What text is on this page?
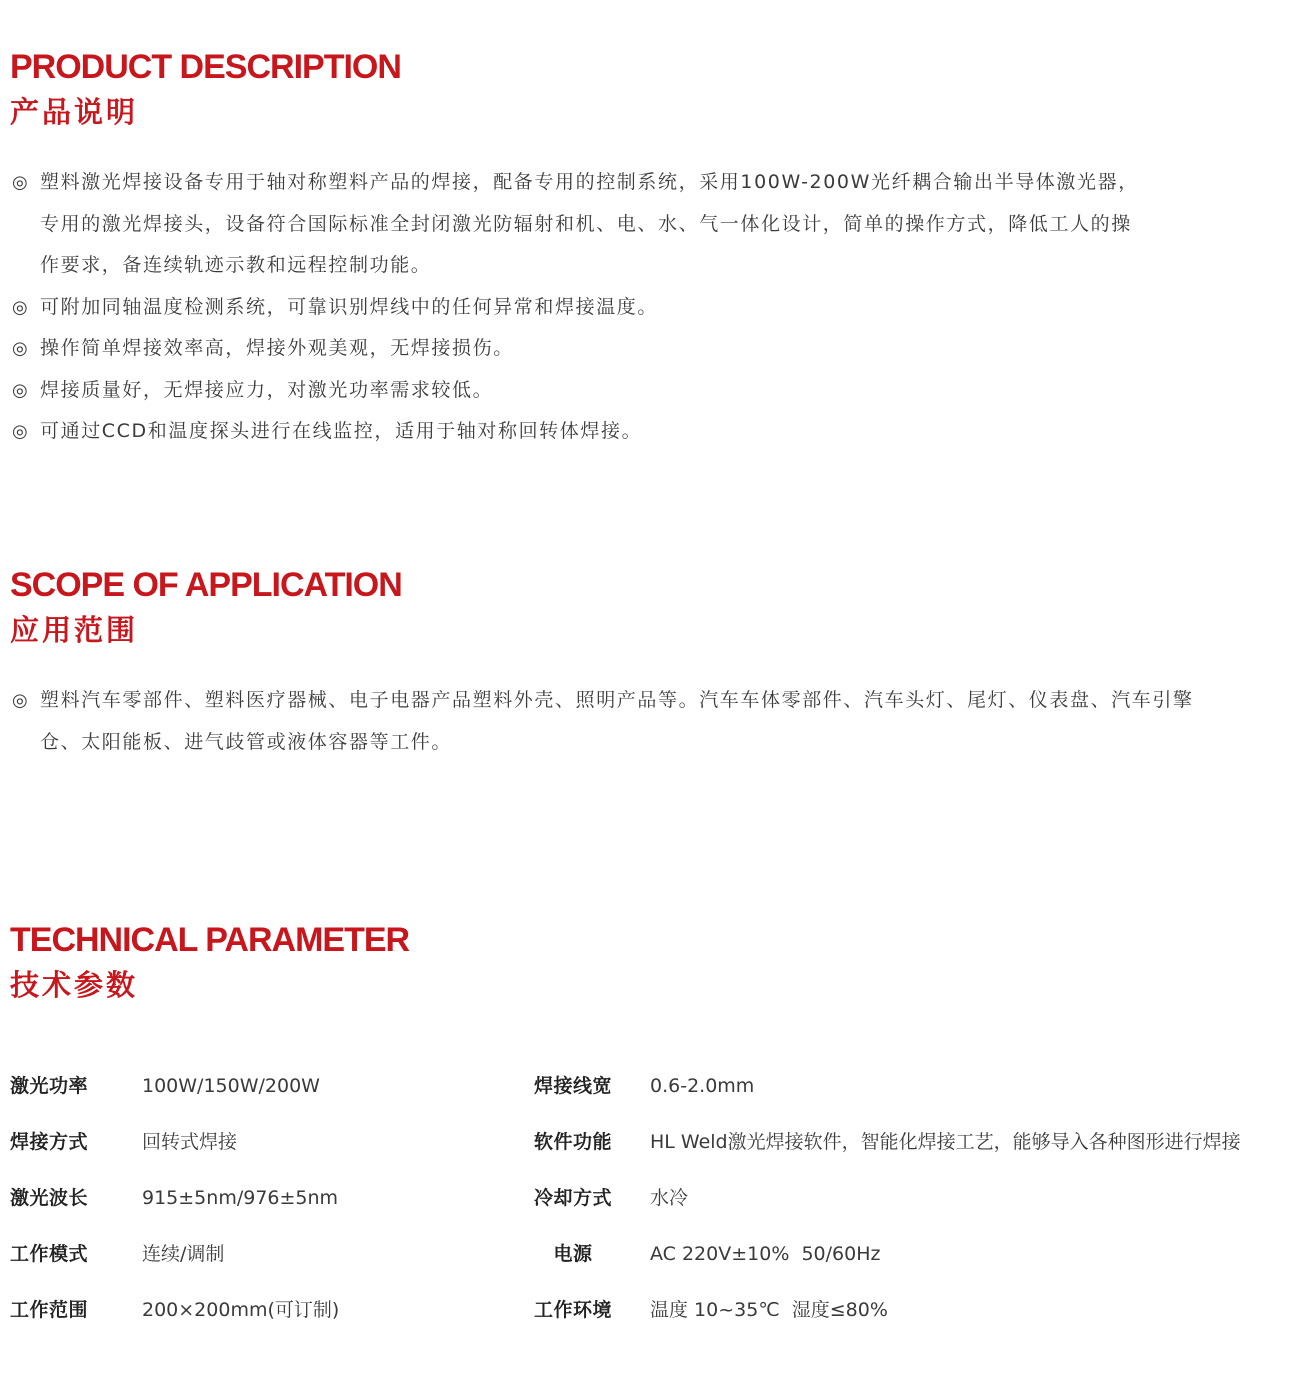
PRODUCT DESCRIPTION
产品说明
◎ 塑料激光焊接设备专用于轴对称塑料产品的焊接，配备专用的控制系统，采用100W-200W光纤耦合输出半导体激光器，专用的激光焊接头，设备符合国际标准全封闭激光防辐射和机、电、水、气一体化设计，简单的操作方式，降低工人的操作要求，备连续轨迹示教和远程控制功能。
◎ 可附加同轴温度检测系统，可靠识别焊线中的任何异常和焊接温度。
◎ 操作简单焊接效率高，焊接外观美观，无焊接损伤。
◎ 焊接质量好，无焊接应力，对激光功率需求较低。
◎ 可通过CCD和温度探头进行在线监控，适用于轴对称回转体焊接。
SCOPE OF APPLICATION
应用范围
◎ 塑料汽车零部件、塑料医疗器械、电子电器产品塑料外壳、照明产品等。汽车车体零部件、汽车头灯、尾灯、仪表盘、汽车引擎仓、太阳能板、进气歧管或液体容器等工件。
TECHNICAL PARAMETER
技术参数
激光功率	100W/150W/200W	焊接线宽 0.6-2.0mm
焊接方式	回转式焊接	软件功能 HL Weld激光焊接软件，智能化焊接工艺，能够导入各种图形进行焊接
激光波长	915±5nm/976±5nm	冷却方式 水冷
工作模式	连续/调制	电源	AC 220V±10%  50/60Hz
工作范围	200×200mm(可订制)	工作环境 温度 10~35℃  湿度≤80%
